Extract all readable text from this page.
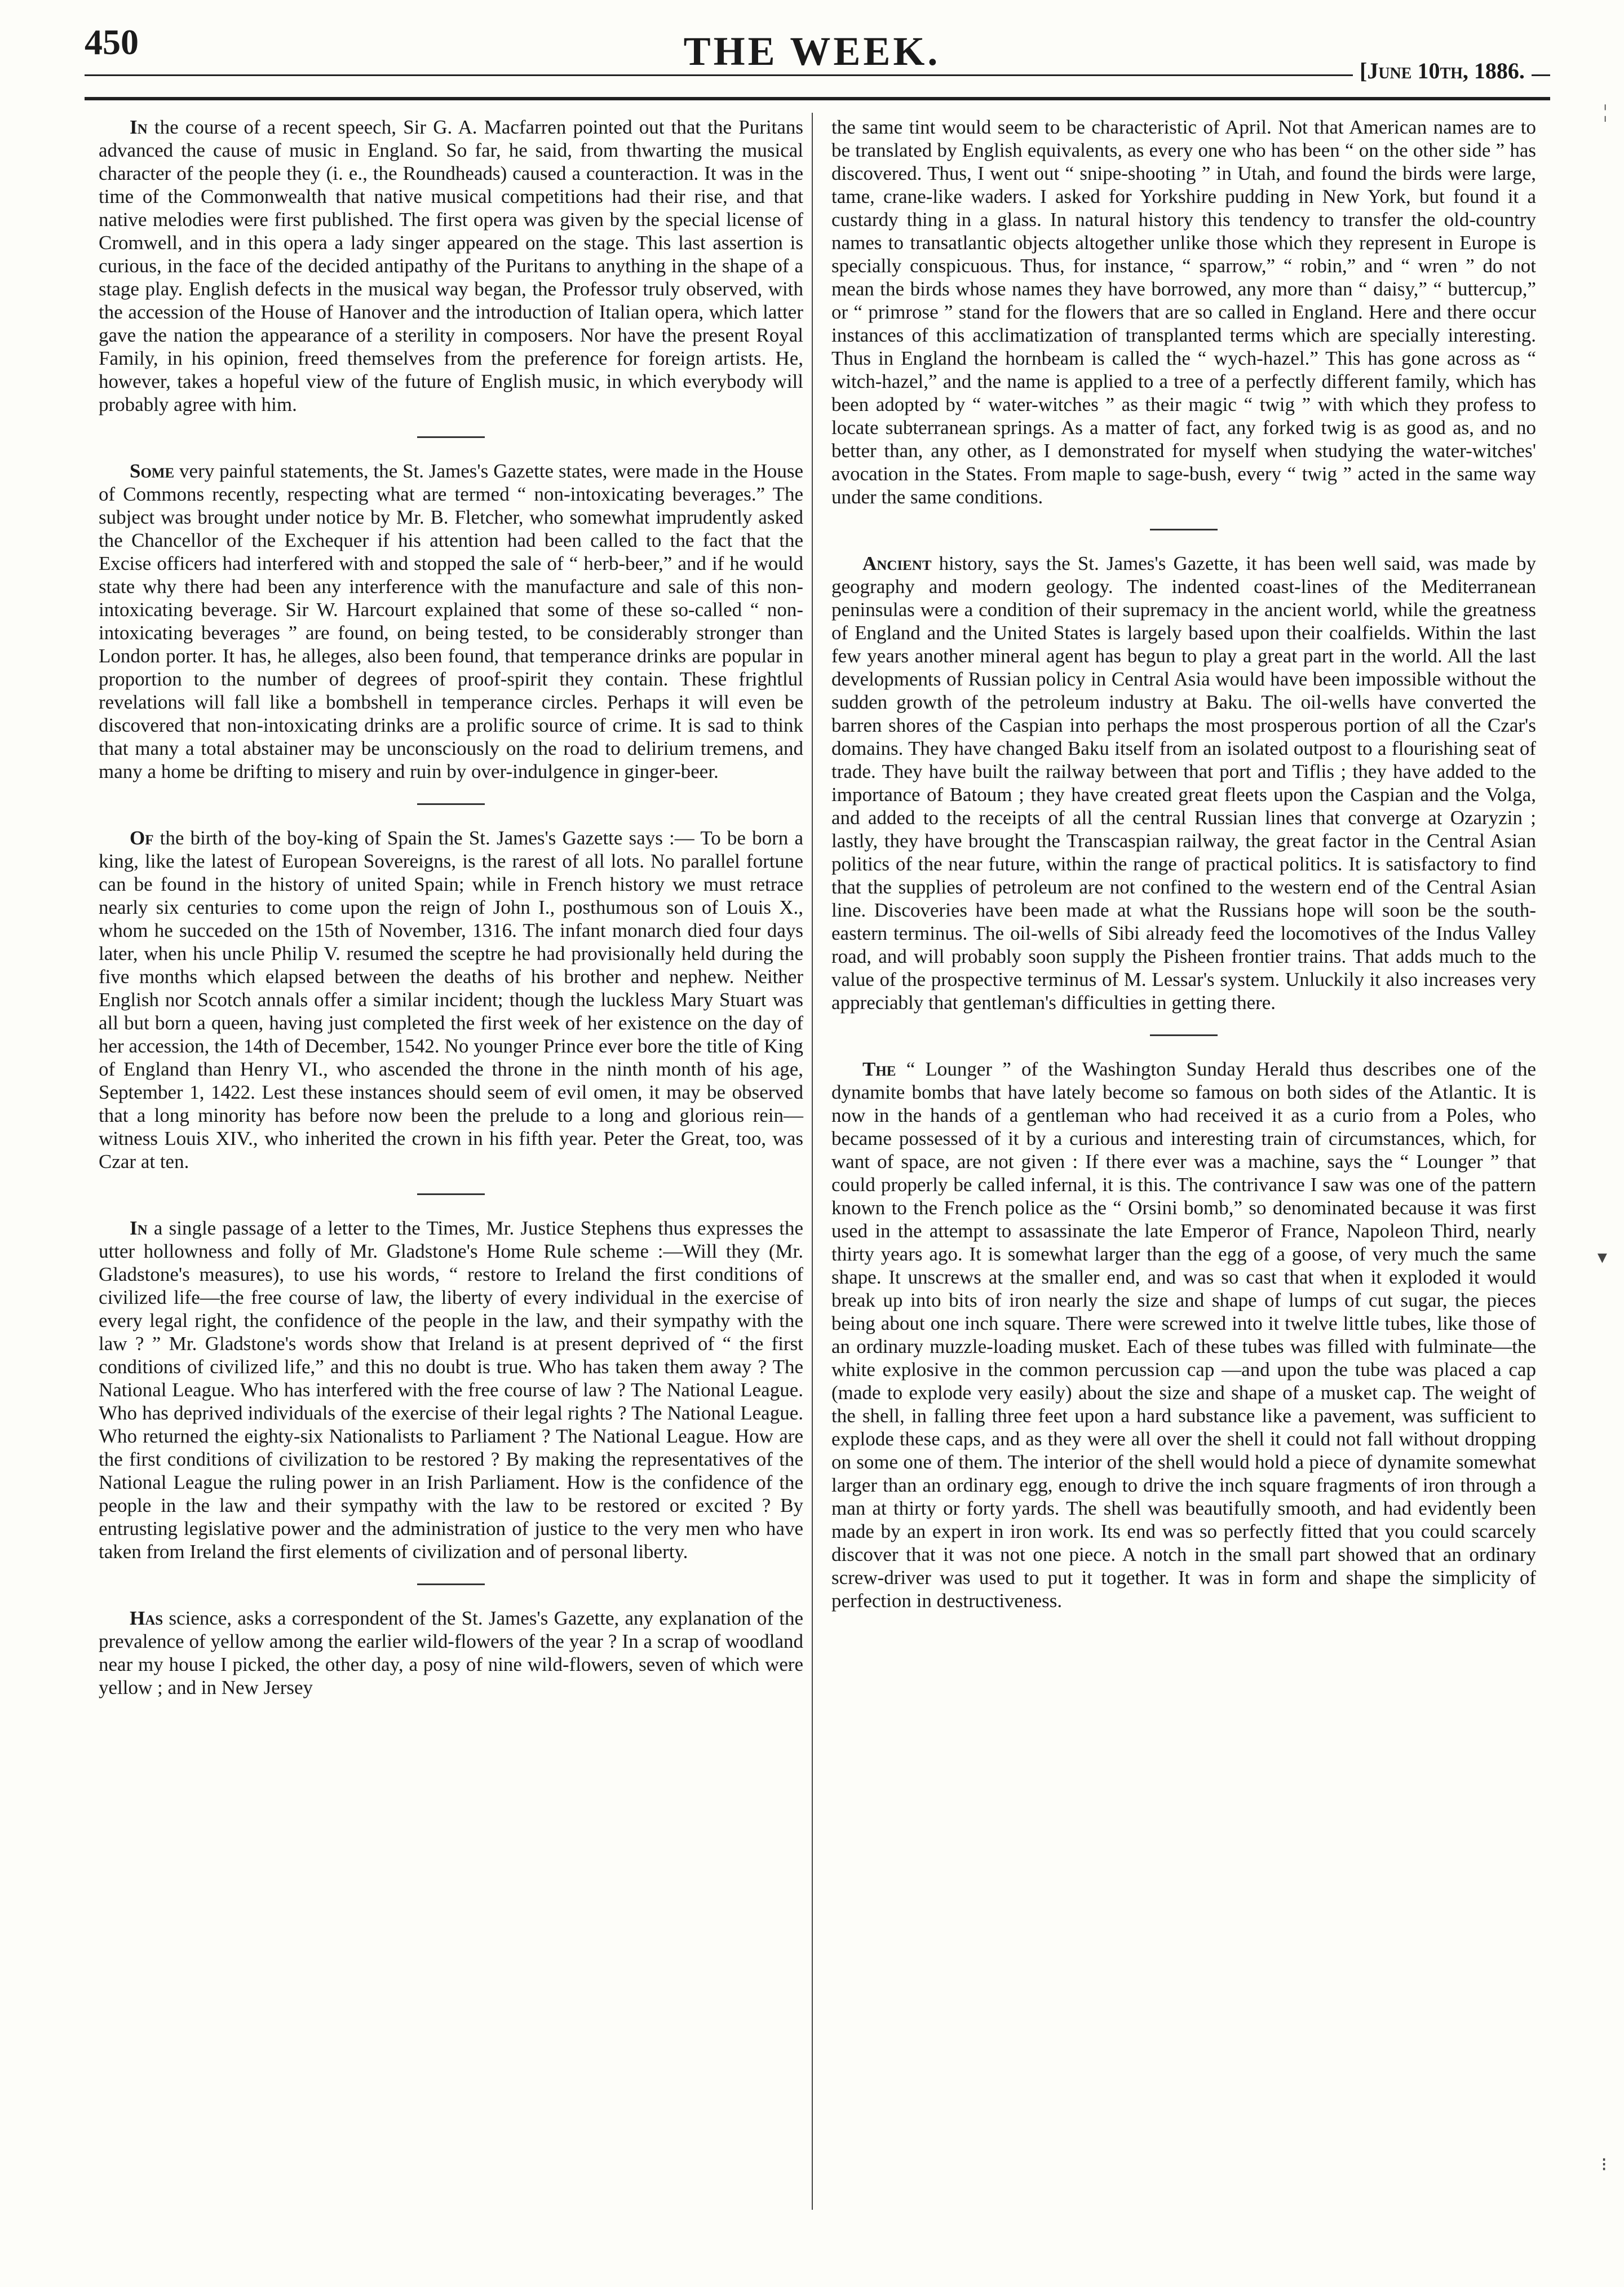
450	THE WEEK.	[June 10th, 1886.

In the course of a recent speech, Sir G. A. Macfarren pointed out that the Puritans advanced the cause of music in England. So far, he said, from thwarting the musical character of the people they (i. e., the Roundheads) caused a counteraction. It was in the time of the Commonwealth that native musical competitions had their rise, and that native melodies were first published. The first opera was given by the special license of Cromwell, and in this opera a lady singer appeared on the stage. This last assertion is curious, in the face of the decided antipathy of the Puritans to anything in the shape of a stage play. English defects in the musical way began, the Professor truly observed, with the accession of the House of Hanover and the introduction of Italian opera, which latter gave the nation the appearance of a sterility in composers. Nor have the present Royal Family, in his opinion, freed themselves from the preference for foreign artists. He, however, takes a hopeful view of the future of English music, in which everybody will probably agree with him.

Some very painful statements, the St. James's Gazette states, were made in the House of Commons recently, respecting what are termed “ non-intoxicating beverages.” The subject was brought under notice by Mr. B. Fletcher, who somewhat imprudently asked the Chancellor of the Exchequer if his attention had been called to the fact that the Excise officers had interfered with and stopped the sale of “ herb-beer,” and if he would state why there had been any interference with the manufacture and sale of this non-intoxicating beverage. Sir W. Harcourt explained that some of these so-called “ non-intoxicating beverages ” are found, on being tested, to be considerably stronger than London porter. It has, he alleges, also been found, that temperance drinks are popular in proportion to the number of degrees of proof-spirit they contain. These frightlul revelations will fall like a bombshell in temperance circles. Perhaps it will even be discovered that non-intoxicating drinks are a prolific source of crime. It is sad to think that many a total abstainer may be unconsciously on the road to delirium tremens, and many a home be drifting to misery and ruin by over-indulgence in ginger-beer.

Of the birth of the boy-king of Spain the St. James's Gazette says :— To be born a king, like the latest of European Sovereigns, is the rarest of all lots. No parallel fortune can be found in the history of united Spain; while in French history we must retrace nearly six centuries to come upon the reign of John I., posthumous son of Louis X., whom he succeded on the 15th of November, 1316. The infant monarch died four days later, when his uncle Philip V. resumed the sceptre he had provisionally held during the five months which elapsed between the deaths of his brother and nephew. Neither English nor Scotch annals offer a similar incident; though the luckless Mary Stuart was all but born a queen, having just completed the first week of her existence on the day of her accession, the 14th of December, 1542. No younger Prince ever bore the title of King of England than Henry VI., who ascended the throne in the ninth month of his age, September 1, 1422. Lest these instances should seem of evil omen, it may be observed that a long minority has before now been the prelude to a long and glorious rein—witness Louis XIV., who inherited the crown in his fifth year. Peter the Great, too, was Czar at ten.

In a single passage of a letter to the Times, Mr. Justice Stephens thus expresses the utter hollowness and folly of Mr. Gladstone's Home Rule scheme :—Will they (Mr. Gladstone's measures), to use his words, “ restore to Ireland the first conditions of civilized life—the free course of law, the liberty of every individual in the exercise of every legal right, the confidence of the people in the law, and their sympathy with the law ? ” Mr. Gladstone's words show that Ireland is at present deprived of “ the first conditions of civilized life,” and this no doubt is true. Who has taken them away ? The National League. Who has interfered with the free course of law ? The National League. Who has deprived individuals of the exercise of their legal rights ? The National League. Who returned the eighty-six Nationalists to Parliament ? The National League. How are the first conditions of civilization to be restored ? By making the representatives of the National League the ruling power in an Irish Parliament. How is the confidence of the people in the law and their sympathy with the law to be restored or excited ? By entrusting legislative power and the administration of justice to the very men who have taken from Ireland the first elements of civilization and of personal liberty.

Has science, asks a correspondent of the St. James's Gazette, any explanation of the prevalence of yellow among the earlier wild-flowers of the year ? In a scrap of woodland near my house I picked, the other day, a posy of nine wild-flowers, seven of which were yellow ; and in New Jersey

the same tint would seem to be characteristic of April. Not that American names are to be translated by English equivalents, as every one who has been “ on the other side ” has discovered. Thus, I went out “ snipe-shooting ” in Utah, and found the birds were large, tame, crane-like waders. I asked for Yorkshire pudding in New York, but found it a custardy thing in a glass. In natural history this tendency to transfer the old-country names to transatlantic objects altogether unlike those which they represent in Europe is specially conspicuous. Thus, for instance, “ sparrow,” “ robin,” and “ wren ” do not mean the birds whose names they have borrowed, any more than “ daisy,” “ buttercup,” or “ primrose ” stand for the flowers that are so called in England. Here and there occur instances of this acclimatization of transplanted terms which are specially interesting. Thus in England the hornbeam is called the “ wych-hazel.” This has gone across as “ witch-hazel,” and the name is applied to a tree of a perfectly different family, which has been adopted by “ water-witches ” as their magic “ twig ” with which they profess to locate subterranean springs. As a matter of fact, any forked twig is as good as, and no better than, any other, as I demonstrated for myself when studying the water-witches' avocation in the States. From maple to sage-bush, every “ twig ” acted in the same way under the same conditions.

Ancient history, says the St. James's Gazette, it has been well said, was made by geography and modern geology. The indented coast-lines of the Mediterranean peninsulas were a condition of their supremacy in the ancient world, while the greatness of England and the United States is largely based upon their coalfields. Within the last few years another mineral agent has begun to play a great part in the world. All the last developments of Russian policy in Central Asia would have been impossible without the sudden growth of the petroleum industry at Baku. The oil-wells have converted the barren shores of the Caspian into perhaps the most prosperous portion of all the Czar's domains. They have changed Baku itself from an isolated outpost to a flourishing seat of trade. They have built the railway between that port and Tiflis ; they have added to the importance of Batoum ; they have created great fleets upon the Caspian and the Volga, and added to the receipts of all the central Russian lines that converge at Ozaryzin ; lastly, they have brought the Transcaspian railway, the great factor in the Central Asian politics of the near future, within the range of practical politics. It is satisfactory to find that the supplies of petroleum are not confined to the western end of the Central Asian line. Discoveries have been made at what the Russians hope will soon be the south-eastern terminus. The oil-wells of Sibi already feed the locomotives of the Indus Valley road, and will probably soon supply the Pisheen frontier trains. That adds much to the value of the prospective terminus of M. Lessar's system. Unluckily it also increases very appreciably that gentleman's difficulties in getting there.

The “ Lounger ” of the Washington Sunday Herald thus describes one of the dynamite bombs that have lately become so famous on both sides of the Atlantic. It is now in the hands of a gentleman who had received it as a curio from a Poles, who became possessed of it by a curious and interesting train of circumstances, which, for want of space, are not given : If there ever was a machine, says the “ Lounger ” that could properly be called infernal, it is this. The contrivance I saw was one of the pattern known to the French police as the “ Orsini bomb,” so denominated because it was first used in the attempt to assassinate the late Emperor of France, Napoleon Third, nearly thirty years ago. It is somewhat larger than the egg of a goose, of very much the same shape. It unscrews at the smaller end, and was so cast that when it exploded it would break up into bits of iron nearly the size and shape of lumps of cut sugar, the pieces being about one inch square. There were screwed into it twelve little tubes, like those of an ordinary muzzle-loading musket. Each of these tubes was filled with fulminate—the white explosive in the common percussion cap —and upon the tube was placed a cap (made to explode very easily) about the size and shape of a musket cap. The weight of the shell, in falling three feet upon a hard substance like a pavement, was sufficient to explode these caps, and as they were all over the shell it could not fall without dropping on some one of them. The interior of the shell would hold a piece of dynamite somewhat larger than an ordinary egg, enough to drive the inch square fragments of iron through a man at thirty or forty yards. The shell was beautifully smooth, and had evidently been made by an expert in iron work. Its end was so perfectly fitted that you could scarcely discover that it was not one piece. A notch in the small part showed that an ordinary screw-driver was used to put it together. It was in form and shape the simplicity of perfection in destructiveness.

¦
▾
⁝
